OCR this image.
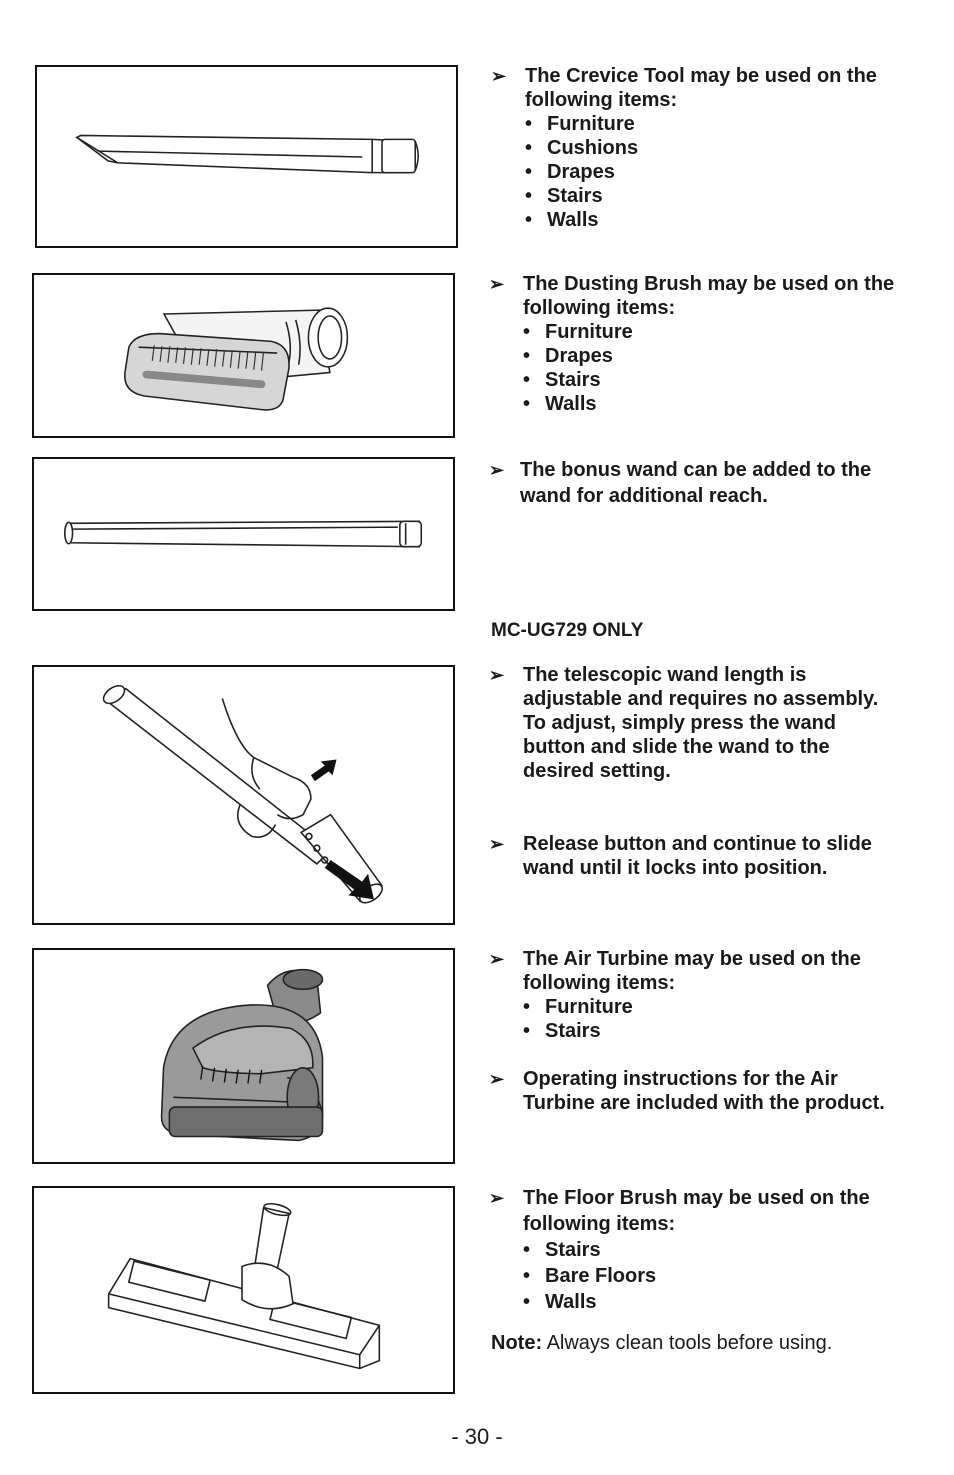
➢ The Crevice Tool may be used on the following items:
• Furniture
• Cushions
• Drapes
• Stairs
• Walls
➢ The Dusting Brush may be used on the following items:
• Furniture
• Drapes
• Stairs
• Walls
➢ The bonus wand can be added to the wand for additional reach.
MC-UG729 ONLY
➢ The telescopic wand length is adjustable and requires no assembly. To adjust, simply press the wand button and slide the wand to the desired setting.
➢ Release button and continue to slide wand until it locks into position.
➢ The Air Turbine may be used on the following items:
• Furniture
• Stairs
➢ Operating instructions for the Air Turbine are included with the product.
➢ The Floor Brush may be used on the following items:
• Stairs
• Bare Floors
• Walls
Note: Always clean tools before using.
- 30 -
